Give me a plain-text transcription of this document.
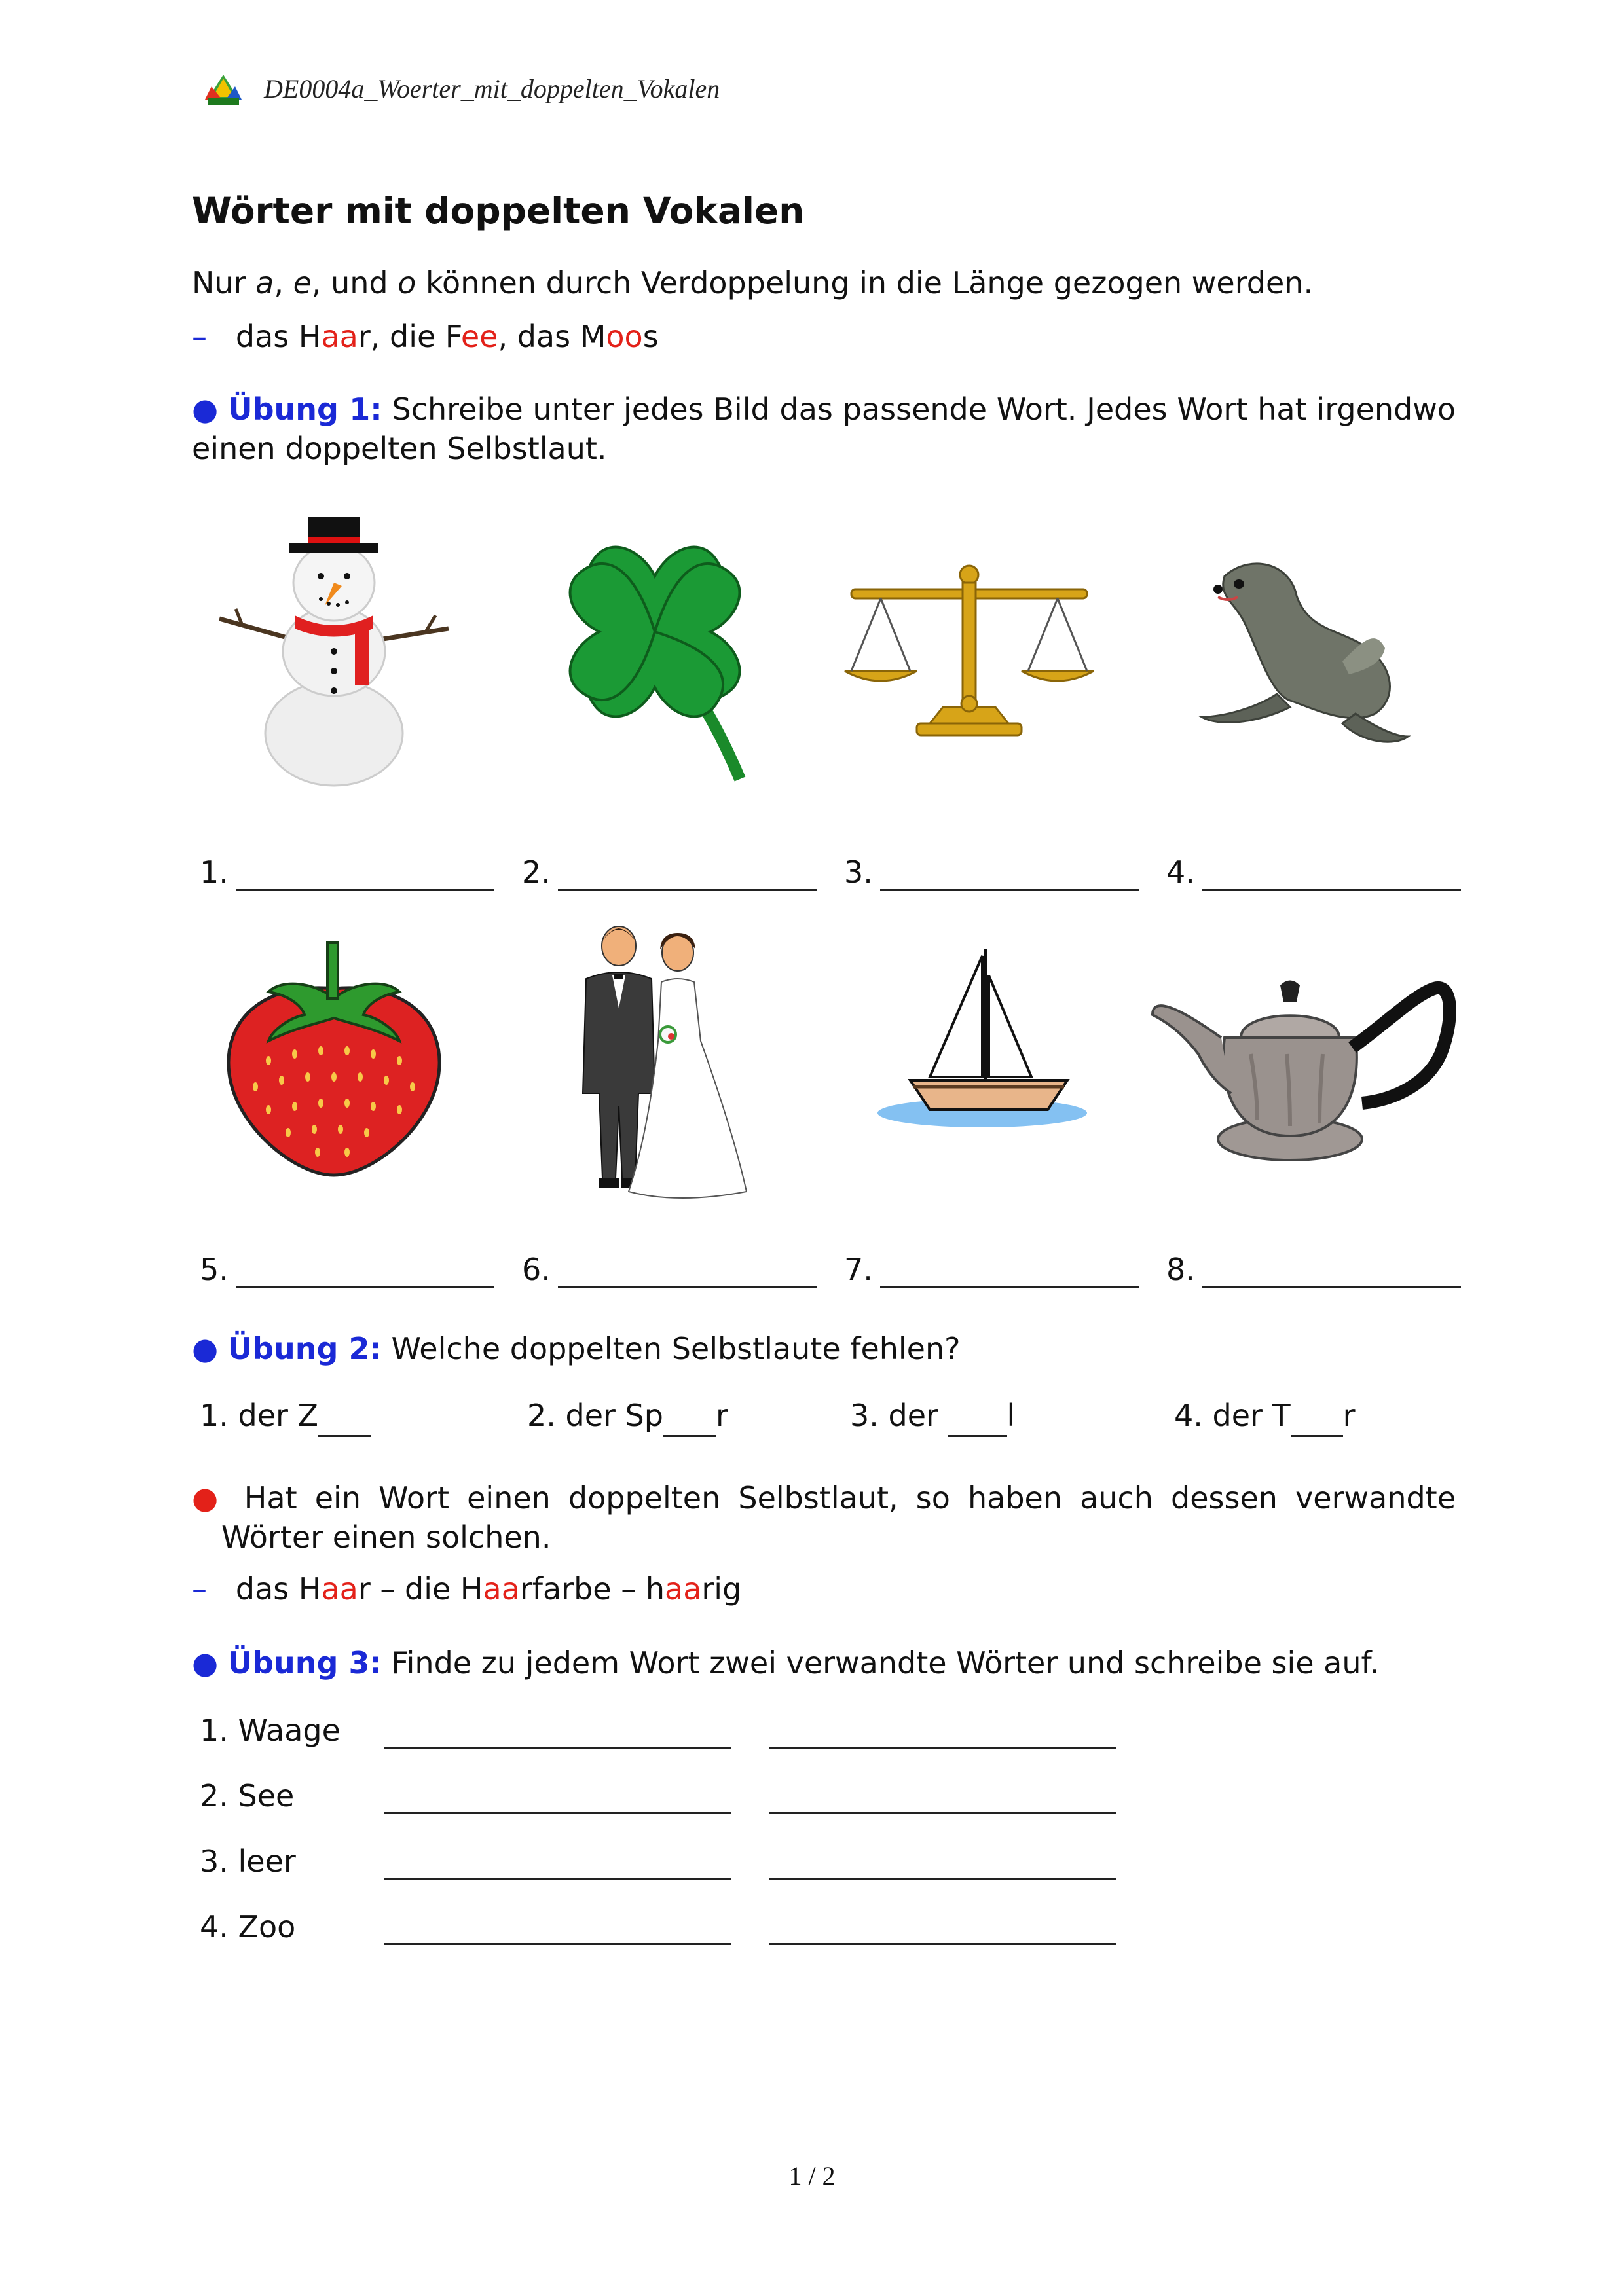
DE0004a_Woerter_mit_doppelten_Vokalen
Wörter mit doppelten Vokalen
Nur a, e, und o können durch Verdoppelung in die Länge gezogen werden.
– das Haar, die Fee, das Moos
● Übung 1: Schreibe unter jedes Bild das passende Wort. Jedes Wort hat irgendwo einen doppelten Selbstlaut.
1.	2.	3.	4.
5.	6.	7.	8.
● Übung 2: Welche doppelten Selbstlaute fehlen?
1. der Z	2. der Sp r	3. der  l	4. der T r
● Hat ein Wort einen doppelten Selbstlaut, so haben auch dessen verwandte Wörter einen solchen.
– das Haar – die Haarfarbe – haarig
● Übung 3: Finde zu jedem Wort zwei verwandte Wörter und schreibe sie auf.
1. Waage
2. See
3. leer
4. Zoo
1 / 2
